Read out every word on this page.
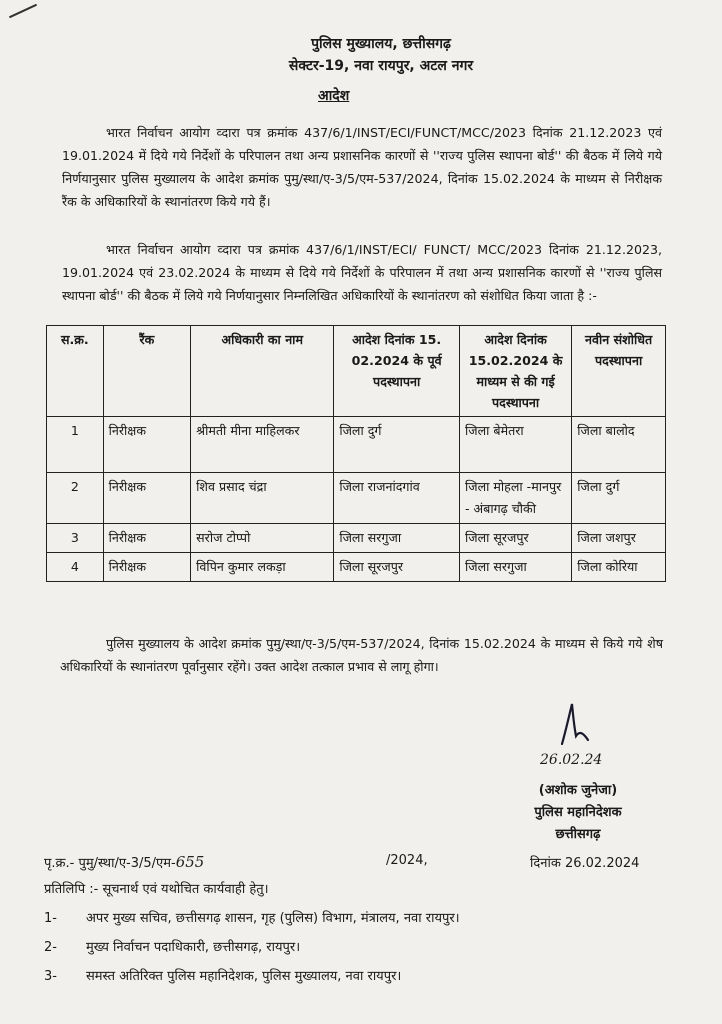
पुलिस मुख्यालय, छत्तीसगढ़
सेक्टर-19, नवा रायपुर, अटल नगर
आदेश
भारत निर्वाचन आयोग व्दारा पत्र क्रमांक 437/6/1/INST/ECI/FUNCT/MCC/2023 दिनांक 21.12.2023 एवं 19.01.2024 में दिये गये निर्देशों के परिपालन तथा अन्य प्रशासनिक कारणों से ''राज्य पुलिस स्थापना बोर्ड'' की बैठक में लिये गये निर्णयानुसार पुलिस मुख्यालय के आदेश क्रमांक पुमु/स्था/ए-3/5/एम-537/2024, दिनांक 15.02.2024 के माध्यम से निरीक्षक रैंक के अधिकारियों के स्थानांतरण किये गये हैं।
भारत निर्वाचन आयोग व्दारा पत्र क्रमांक 437/6/1/INST/ECI/ FUNCT/ MCC/2023 दिनांक 21.12.2023, 19.01.2024 एवं 23.02.2024 के माध्यम से दिये गये निर्देशों के परिपालन में तथा अन्य प्रशासनिक कारणों से ''राज्य पुलिस स्थापना बोर्ड'' की बैठक में लिये गये निर्णयानुसार निम्नलिखित अधिकारियों के स्थानांतरण को संशोधित किया जाता है :-
स.क्र.	रैंक	अधिकारी का नाम	आदेश दिनांक 15. 02.2024 के पूर्व पदस्थापना	आदेश दिनांक 15.02.2024 के माध्यम से की गई पदस्थापना	नवीन संशोधित पदस्थापना
1	निरीक्षक	श्रीमती मीना माहिलकर	जिला दुर्ग	जिला बेमेतरा	जिला बालोद
2	निरीक्षक	शिव प्रसाद चंद्रा	जिला राजनांदगांव	जिला मोहला -मानपुर - अंबागढ़ चौकी	जिला दुर्ग
3	निरीक्षक	सरोज टोप्पो	जिला सरगुजा	जिला सूरजपुर	जिला जशपुर
4	निरीक्षक	विपिन कुमार लकड़ा	जिला सूरजपुर	जिला सरगुजा	जिला कोरिया
पुलिस मुख्यालय के आदेश क्रमांक पुमु/स्था/ए-3/5/एम-537/2024, दिनांक 15.02.2024 के माध्यम से किये गये शेष अधिकारियों के स्थानांतरण पूर्वानुसार रहेंगे। उक्त आदेश तत्काल प्रभाव से लागू होगा।
26.02.24
(अशोक जुनेजा)
पुलिस महानिदेशक
छत्तीसगढ़
पृ.क्र.- पुमु/स्था/ए-3/5/एम-655	/2024,	दिनांक 26.02.2024
प्रतिलिपि :- सूचनार्थ एवं यथोचित कार्यवाही हेतु।
1- अपर मुख्य सचिव, छत्तीसगढ़ शासन, गृह (पुलिस) विभाग, मंत्रालय, नवा रायपुर।
2- मुख्य निर्वाचन पदाधिकारी, छत्तीसगढ़, रायपुर।
3- समस्त अतिरिक्त पुलिस महानिदेशक, पुलिस मुख्यालय, नवा रायपुर।
